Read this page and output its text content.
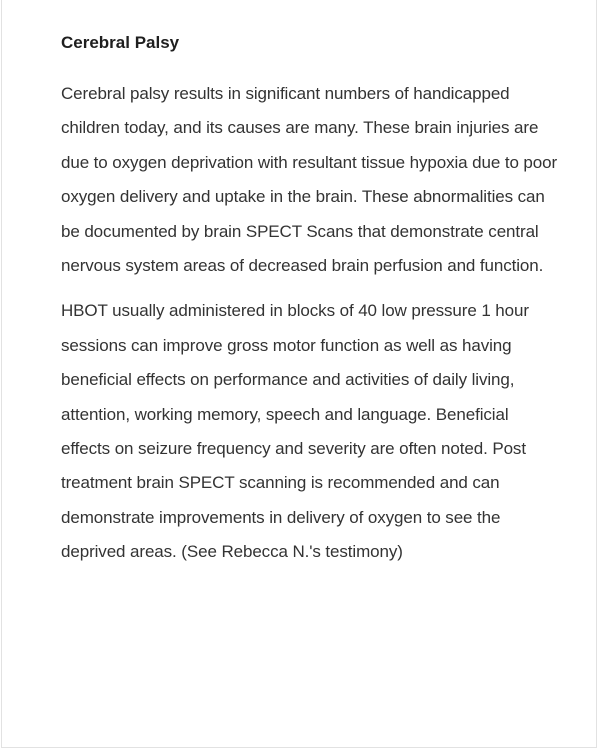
Cerebral Palsy

Cerebral palsy results in significant numbers of handicapped children today, and its causes are many. These brain injuries are due to oxygen deprivation with resultant tissue hypoxia due to poor oxygen delivery and uptake in the brain. These abnormalities can be documented by brain SPECT Scans that demonstrate central nervous system areas of decreased brain perfusion and function.

HBOT usually administered in blocks of 40 low pressure 1 hour sessions can improve gross motor function as well as having beneficial effects on performance and activities of daily living, attention, working memory, speech and language. Beneficial effects on seizure frequency and severity are often noted. Post treatment brain SPECT scanning is recommended and can demonstrate improvements in delivery of oxygen to see the deprived areas. (See Rebecca N.'s testimony)
